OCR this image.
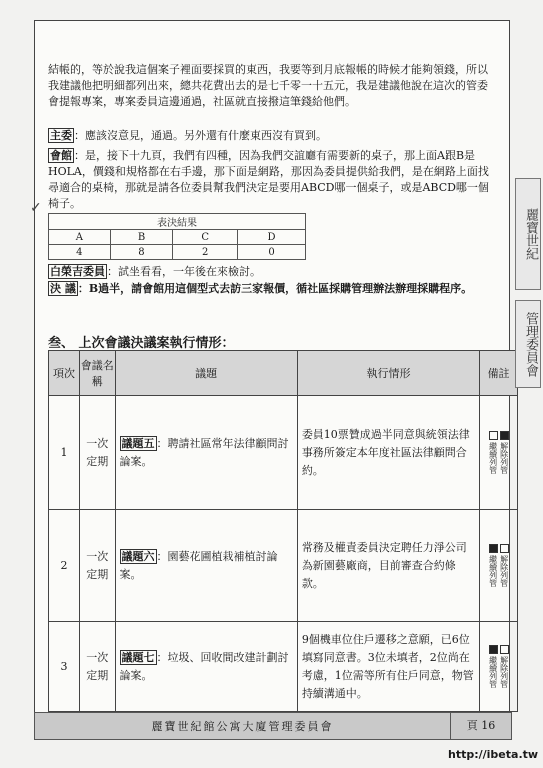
✓
結帳的，等於說我這個案子裡面要採買的東西，我要等到月底報帳的時候才能夠領錢，所以我建議他把明細都列出來，總共花費出去的是七千零一十五元，我是建議他說在這次的管委會提報專案，專案委員這邊通過，社區就直接撥這筆錢給他們。
主委 ：應該沒意見，通過。另外還有什麼東西沒有買到。
會館 ：是，接下十九頁，我們有四種，因為我們交誼廳有需要新的桌子，那上面A跟B是HOLA，價錢和規格都在右手邊，那下面是網路，那因為委員提供給我們，是在網路上面找尋適合的桌椅，那就是請各位委員幫我們決定是要用ABCD哪一個桌子，或是ABCD哪一個椅子。
表決結果			
A	B	C	D
4	8	2	0
白榮吉委員 ：試坐看看，一年後在來檢討。
決 議 ：B過半，請會館用這個型式去訪三家報價，循社區採購管理辦法辦理採購程序。
叁、 上次會議決議案執行情形：
項次	會議名稱	議題	執行情形	備註
1	一次定期	議題五 ：聘請社區常年法律顧問討論案。	委員10票贊成過半同意與統領法律事務所簽定本年度社區法律顧問合約。	繼續列管 解除列管

2	一次定期	議題六 ：園藝花圃植栽補植討論案。	常務及權責委員決定聘任力淨公司為新園藝廠商，目前審查合約條款。	繼續列管 解除列管

3	一次定期	議題七 ：垃圾、回收間改建計劃討論案。	9個機車位住戶遷移之意願，已6位填寫同意書。3位未填者，2位尚在考慮，1位需等所有住戶同意，物管持續溝通中。	繼續列管 解除列管
麗寶世紀館公寓大廈管理委員會	頁 16
麗寶世紀
管理委員會
http://ibeta.tw
